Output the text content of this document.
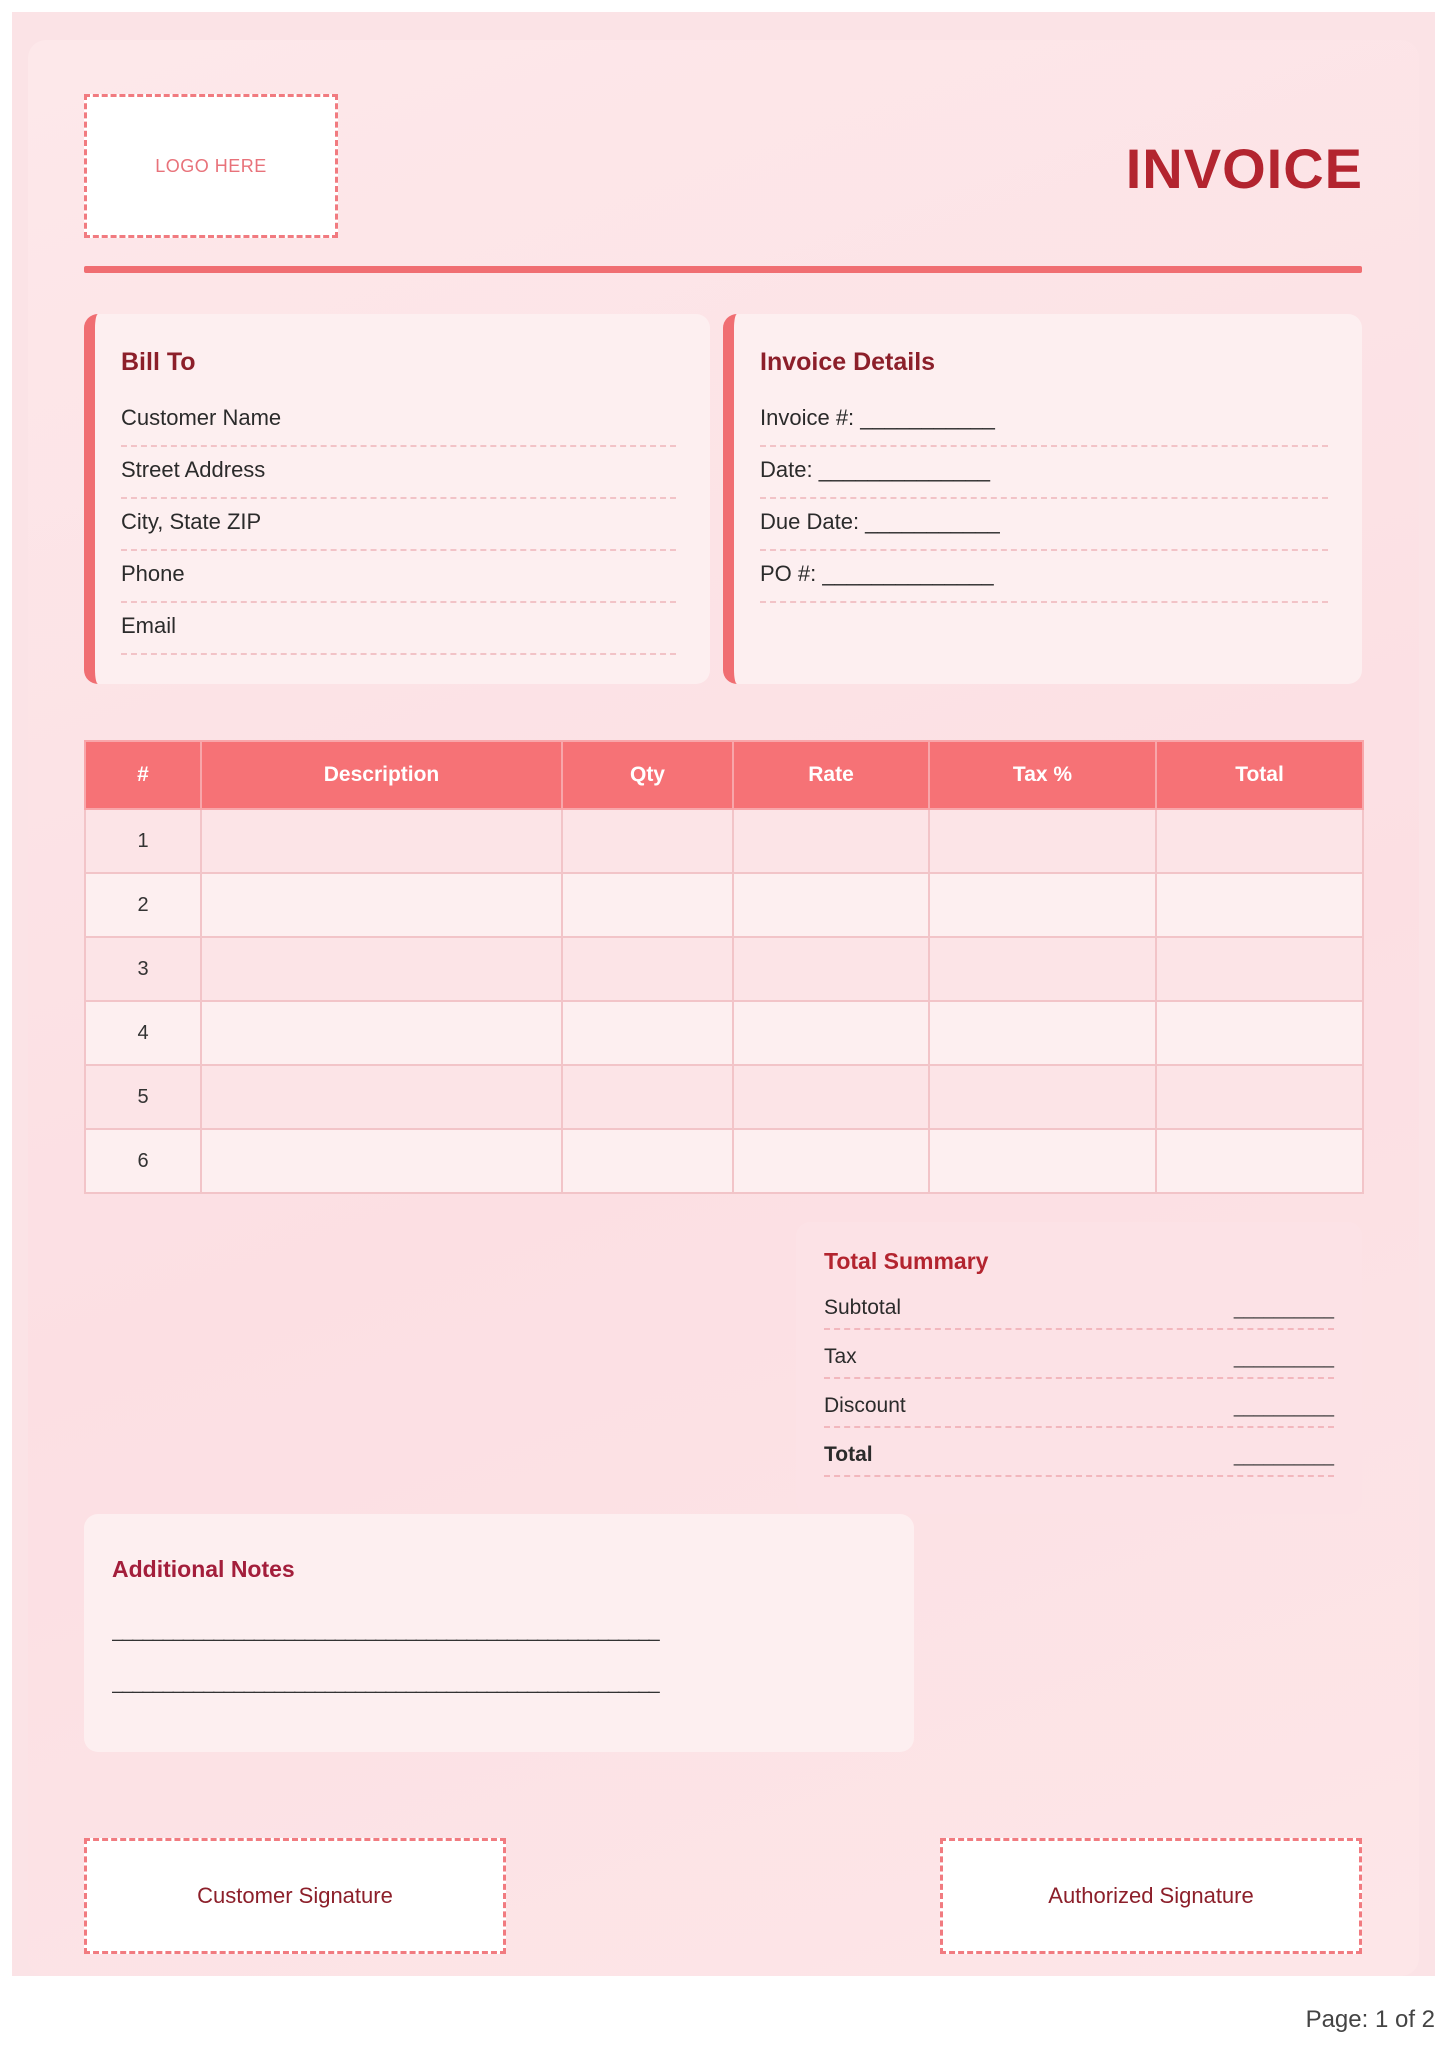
LOGO HERE	INVOICE
Bill To
Customer Name
Street Address
City, State ZIP
Phone
Email
Invoice Details
Invoice #: ___________
Date: ______________
Due Date: ___________
PO #: ______________
#	Description	Qty	Rate	Tax %	Total
1					
2					
3					
4					
5					
6					
Total Summary
Subtotal	__________
Tax	__________
Discount	__________
Total	__________
Additional Notes
______________________________________________________
______________________________________________________
Customer Signature	Authorized Signature
Page: 1 of 2
